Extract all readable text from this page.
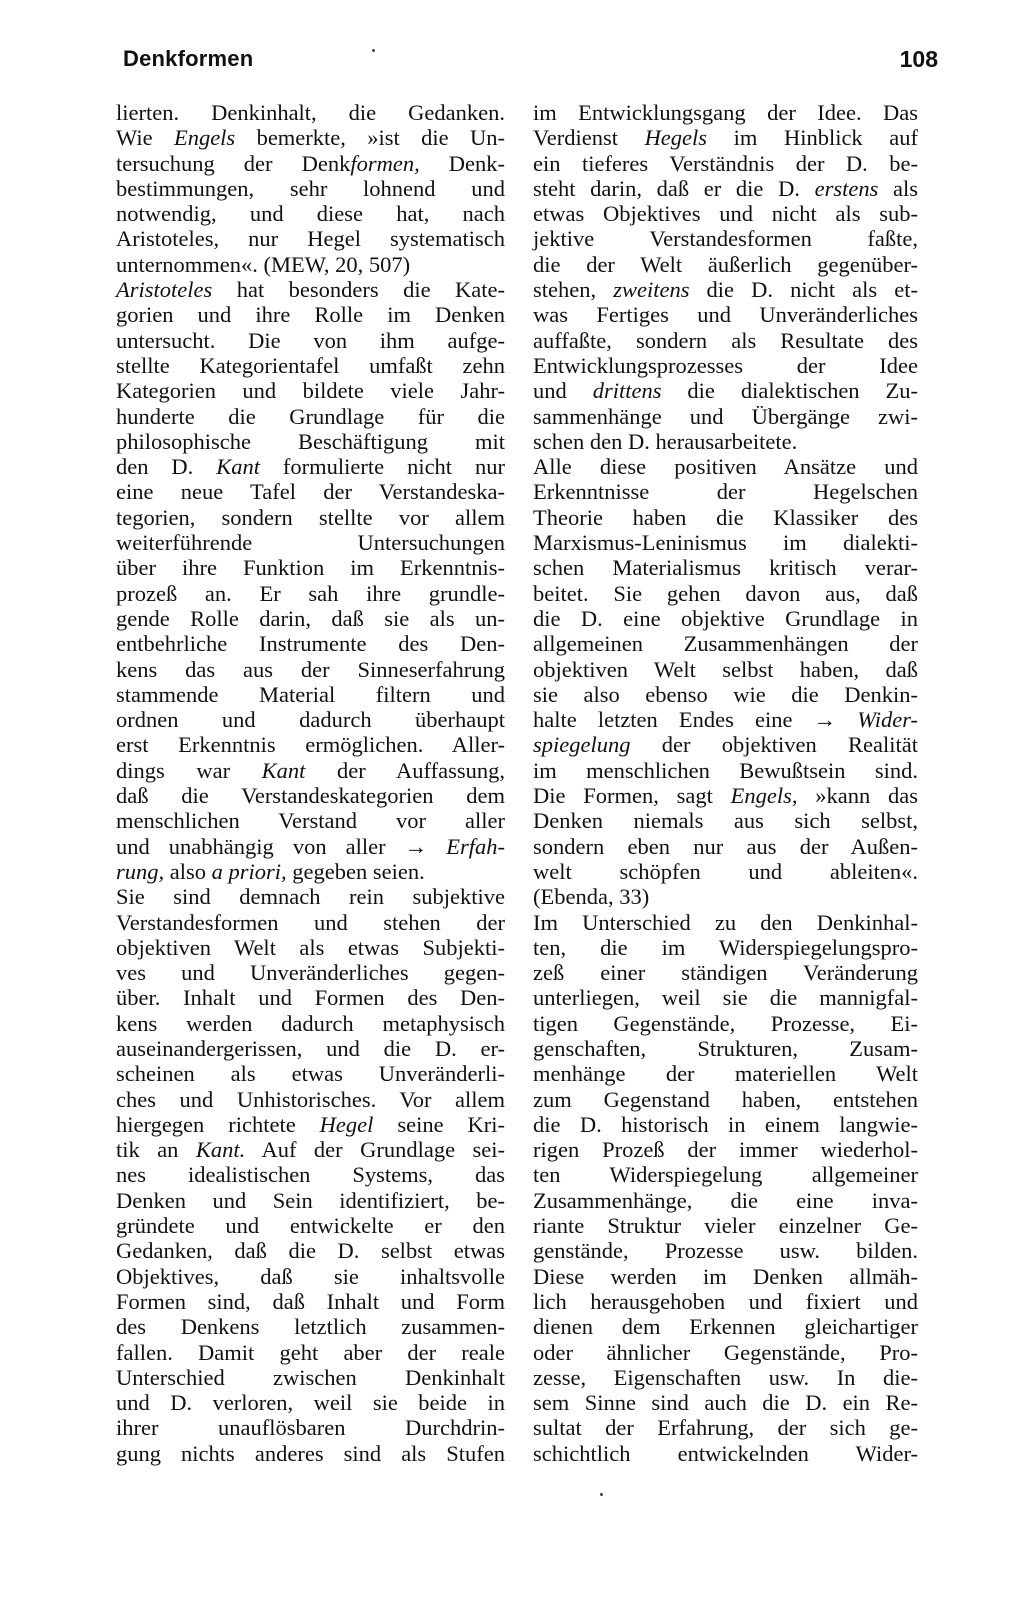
Denkformen	108
lierten. Denkinhalt, die Gedanken.
Wie Engels bemerkte, »ist die Un-
tersuchung der Denkformen, Denk-
bestimmungen, sehr lohnend und
notwendig, und diese hat, nach
Aristoteles, nur Hegel systematisch
unternommen«. (MEW, 20, 507)
Aristoteles hat besonders die Kate-
gorien und ihre Rolle im Denken
untersucht. Die von ihm aufge-
stellte Kategorientafel umfaßt zehn
Kategorien und bildete viele Jahr-
hunderte die Grundlage für die
philosophische Beschäftigung mit
den D. Kant formulierte nicht nur
eine neue Tafel der Verstandeska-
tegorien, sondern stellte vor allem
weiterführende Untersuchungen
über ihre Funktion im Erkenntnis-
prozeß an. Er sah ihre grundle-
gende Rolle darin, daß sie als un-
entbehrliche Instrumente des Den-
kens das aus der Sinneserfahrung
stammende Material filtern und
ordnen und dadurch überhaupt
erst Erkenntnis ermöglichen. Aller-
dings war Kant der Auffassung,
daß die Verstandeskategorien dem
menschlichen Verstand vor aller
und unabhängig von aller → Erfah-
rung, also a priori, gegeben seien.
Sie sind demnach rein subjektive
Verstandesformen und stehen der
objektiven Welt als etwas Subjekti-
ves und Unveränderliches gegen-
über. Inhalt und Formen des Den-
kens werden dadurch metaphysisch
auseinandergerissen, und die D. er-
scheinen als etwas Unveränderli-
ches und Unhistorisches. Vor allem
hiergegen richtete Hegel seine Kri-
tik an Kant. Auf der Grundlage sei-
nes idealistischen Systems, das
Denken und Sein identifiziert, be-
gründete und entwickelte er den
Gedanken, daß die D. selbst etwas
Objektives, daß sie inhaltsvolle
Formen sind, daß Inhalt und Form
des Denkens letztlich zusammen-
fallen. Damit geht aber der reale
Unterschied zwischen Denkinhalt
und D. verloren, weil sie beide in
ihrer unauflösbaren Durchdrin-
gung nichts anderes sind als Stufen
im Entwicklungsgang der Idee. Das
Verdienst Hegels im Hinblick auf
ein tieferes Verständnis der D. be-
steht darin, daß er die D. erstens als
etwas Objektives und nicht als sub-
jektive Verstandesformen faßte,
die der Welt äußerlich gegenüber-
stehen, zweitens die D. nicht als et-
was Fertiges und Unveränderliches
auffaßte, sondern als Resultate des
Entwicklungsprozesses der Idee
und drittens die dialektischen Zu-
sammenhänge und Übergänge zwi-
schen den D. herausarbeitete.
Alle diese positiven Ansätze und
Erkenntnisse der Hegelschen
Theorie haben die Klassiker des
Marxismus-Leninismus im dialekti-
schen Materialismus kritisch verar-
beitet. Sie gehen davon aus, daß
die D. eine objektive Grundlage in
allgemeinen Zusammenhängen der
objektiven Welt selbst haben, daß
sie also ebenso wie die Denkin-
halte letzten Endes eine → Wider-
spiegelung der objektiven Realität
im menschlichen Bewußtsein sind.
Die Formen, sagt Engels, »kann das
Denken niemals aus sich selbst,
sondern eben nur aus der Außen-
welt schöpfen und ableiten«.
(Ebenda, 33)
Im Unterschied zu den Denkinhal-
ten, die im Widerspiegelungspro-
zeß einer ständigen Veränderung
unterliegen, weil sie die mannigfal-
tigen Gegenstände, Prozesse, Ei-
genschaften, Strukturen, Zusam-
menhänge der materiellen Welt
zum Gegenstand haben, entstehen
die D. historisch in einem langwie-
rigen Prozeß der immer wiederhol-
ten Widerspiegelung allgemeiner
Zusammenhänge, die eine inva-
riante Struktur vieler einzelner Ge-
genstände, Prozesse usw. bilden.
Diese werden im Denken allmäh-
lich herausgehoben und fixiert und
dienen dem Erkennen gleichartiger
oder ähnlicher Gegenstände, Pro-
zesse, Eigenschaften usw. In die-
sem Sinne sind auch die D. ein Re-
sultat der Erfahrung, der sich ge-
schichtlich entwickelnden Wider-
